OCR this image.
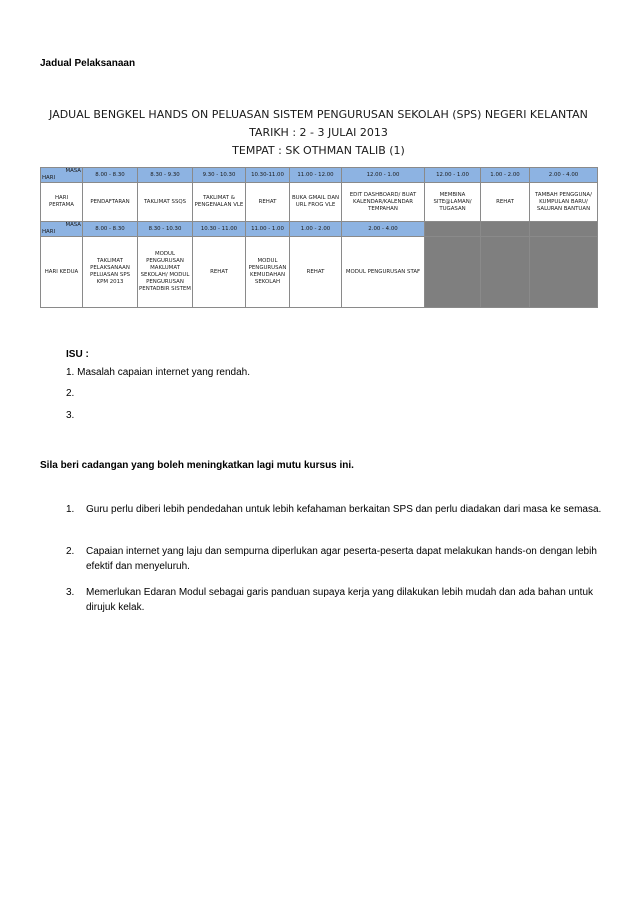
Jadual Pelaksanaan
JADUAL BENGKEL HANDS ON PELUASAN SISTEM PENGURUSAN SEKOLAH (SPS) NEGERI KELANTAN
TARIKH : 2 - 3 JULAI 2013
TEMPAT : SK OTHMAN TALIB (1)
MASA
HARI	8.00 - 8.30	8.30 - 9.30	9.30 - 10.30	10.30-11.00	11.00 - 12.00	12.00 - 1.00	12.00 - 1.00	1.00 - 2.00	2.00 - 4.00
HARI PERTAMA	PENDAFTARAN	TAKLIMAT SSQS	TAKLIMAT & PENGENALAN VLE	REHAT	BUKA GMAIL DAN URL FROG VLE	EDIT DASHBOARD/ BUAT KALENDAR/KALENDAR TEMPAHAN	MEMBINA SITE@LAMAN/ TUGASAN	REHAT	TAMBAH PENGGUNA/ KUMPULAN BARU/ SALURAN BANTUAN

MASA
HARI	8.00 - 8.30	8.30 - 10.30	10.30 - 11.00	11.00 - 1.00	1.00 - 2.00	2.00 - 4.00			
HARI KEDUA	TAKLIMAT PELAKSANAAN PELUASAN SPS KPM 2013	MODUL PENGURUSAN MAKLUMAT SEKOLAH/ MODUL PENGURUSAN PENTADBIR SISTEM	REHAT	MODUL PENGURUSAN KEMUDAHAN SEKOLAH	REHAT	MODUL PENGURUSAN STAF			
ISU :
1. Masalah capaian internet yang rendah.
2.
3.
Sila beri cadangan yang boleh meningkatkan lagi mutu kursus ini.
1. Guru perlu diberi lebih pendedahan untuk lebih kefahaman berkaitan SPS dan perlu diadakan dari masa ke semasa.
2. Capaian internet yang laju dan sempurna diperlukan agar peserta-peserta dapat melakukan hands-on dengan lebih efektif dan menyeluruh.
3. Memerlukan Edaran Modul sebagai garis panduan supaya kerja yang dilakukan lebih mudah dan ada bahan untuk dirujuk kelak.
